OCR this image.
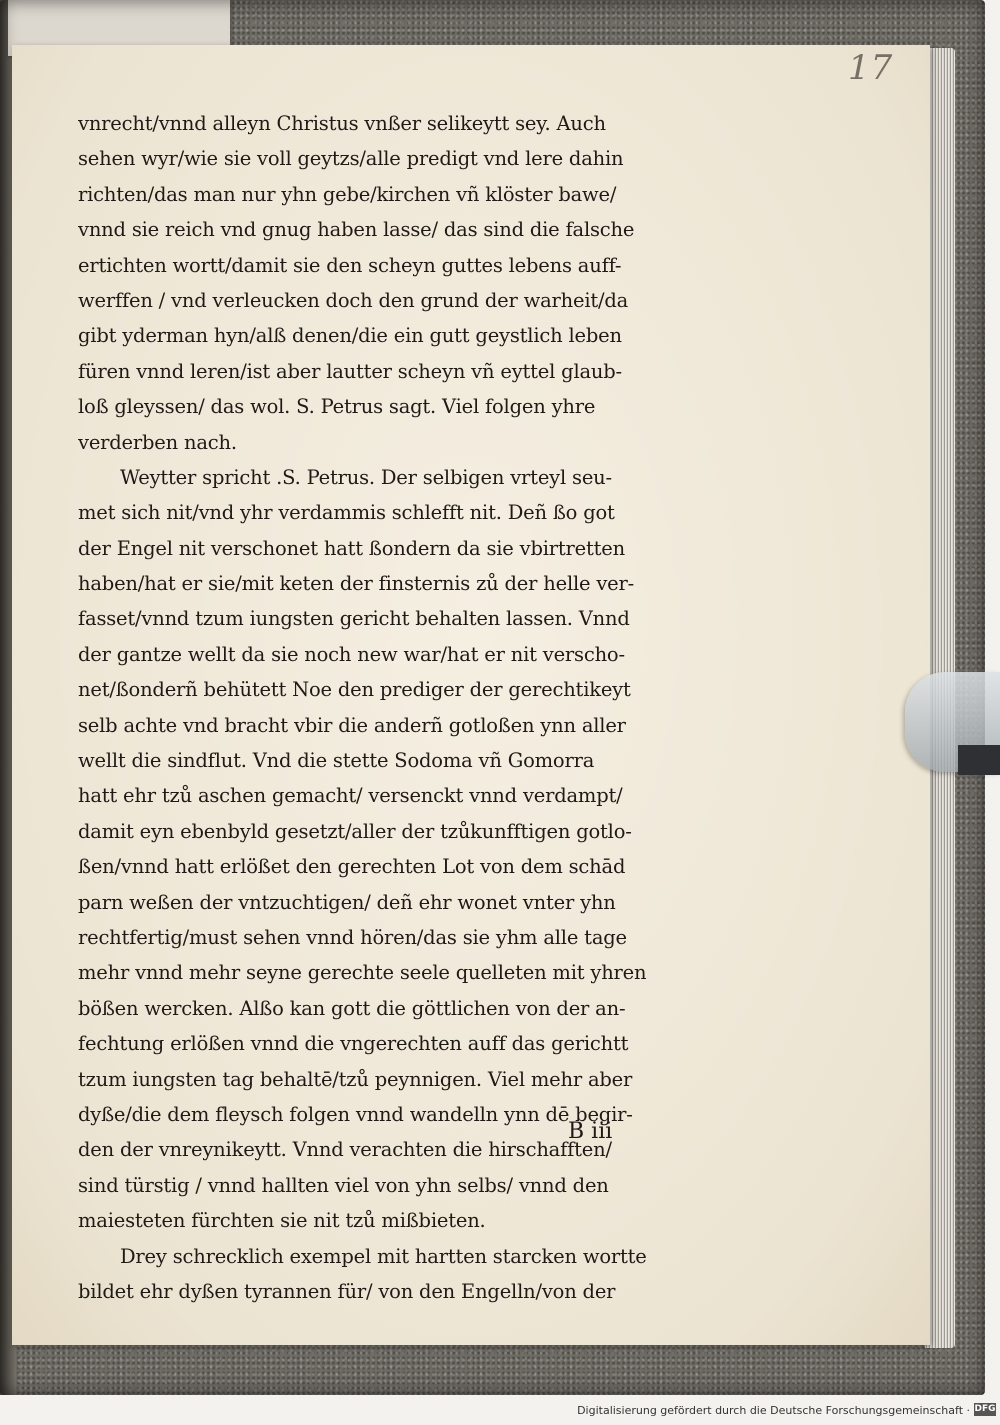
17
vnrecht/vnnd alleyn Christus vnßer selikeytt sey. Auch
sehen wyr/wie sie voll geytzs/alle predigt vnd lere dahin
richten/das man nur yhn gebe/kirchen vñ klöster bawe/
vnnd sie reich vnd gnug haben lasse/ das sind die falsche
ertichten wortt/damit sie den scheyn guttes lebens auff-
werffen / vnd verleucken doch den grund der warheit/da
gibt yderman hyn/alß denen/die ein gutt geystlich leben
füren vnnd leren/ist aber lautter scheyn vñ eyttel glaub-
loß gleyssen/ das wol. S. Petrus sagt. Viel folgen yhre
verderben nach.
Weytter spricht .S. Petrus. Der selbigen vrteyl seu-
met sich nit/vnd yhr verdammis schlefft nit. Deñ ßo got
der Engel nit verschonet hatt ßondern da sie vbirtretten
haben/hat er sie/mit keten der finsternis zů der helle ver-
fasset/vnnd tzum iungsten gericht behalten lassen. Vnnd
der gantze wellt da sie noch new war/hat er nit verscho-
net/ßonderñ behütett Noe den prediger der gerechtikeyt
selb achte vnd bracht vbir die anderñ gotloßen ynn aller
wellt die sindflut. Vnd die stette Sodoma vñ Gomorra
hatt ehr tzů aschen gemacht/ versenckt vnnd verdampt/
damit eyn ebenbyld gesetzt/aller der tzůkunfftigen gotlo-
ßen/vnnd hatt erlößet den gerechten Lot von dem schād
parn weßen der vntzuchtigen/ deñ ehr wonet vnter yhn
rechtfertig/must sehen vnnd hören/das sie yhm alle tage
mehr vnnd mehr seyne gerechte seele quelleten mit yhren
bößen wercken. Alßo kan gott die göttlichen von der an-
fechtung erlößen vnnd die vngerechten auff das gerichtt
tzum iungsten tag behaltē/tzů peynnigen. Viel mehr aber
dyße/die dem fleysch folgen vnnd wandelln ynn dē begir-
den der vnreynikeytt. Vnnd verachten die hirschafften/
sind türstig / vnnd hallten viel von yhn selbs/ vnnd den
maiesteten fürchten sie nit tzů mißbieten.
Drey schrecklich exempel mit hartten starcken wortte
bildet ehr dyßen tyrannen für/ von den Engelln/von der
B iii
Digitalisierung gefördert durch die Deutsche Forschungsgemeinschaft · DFG
